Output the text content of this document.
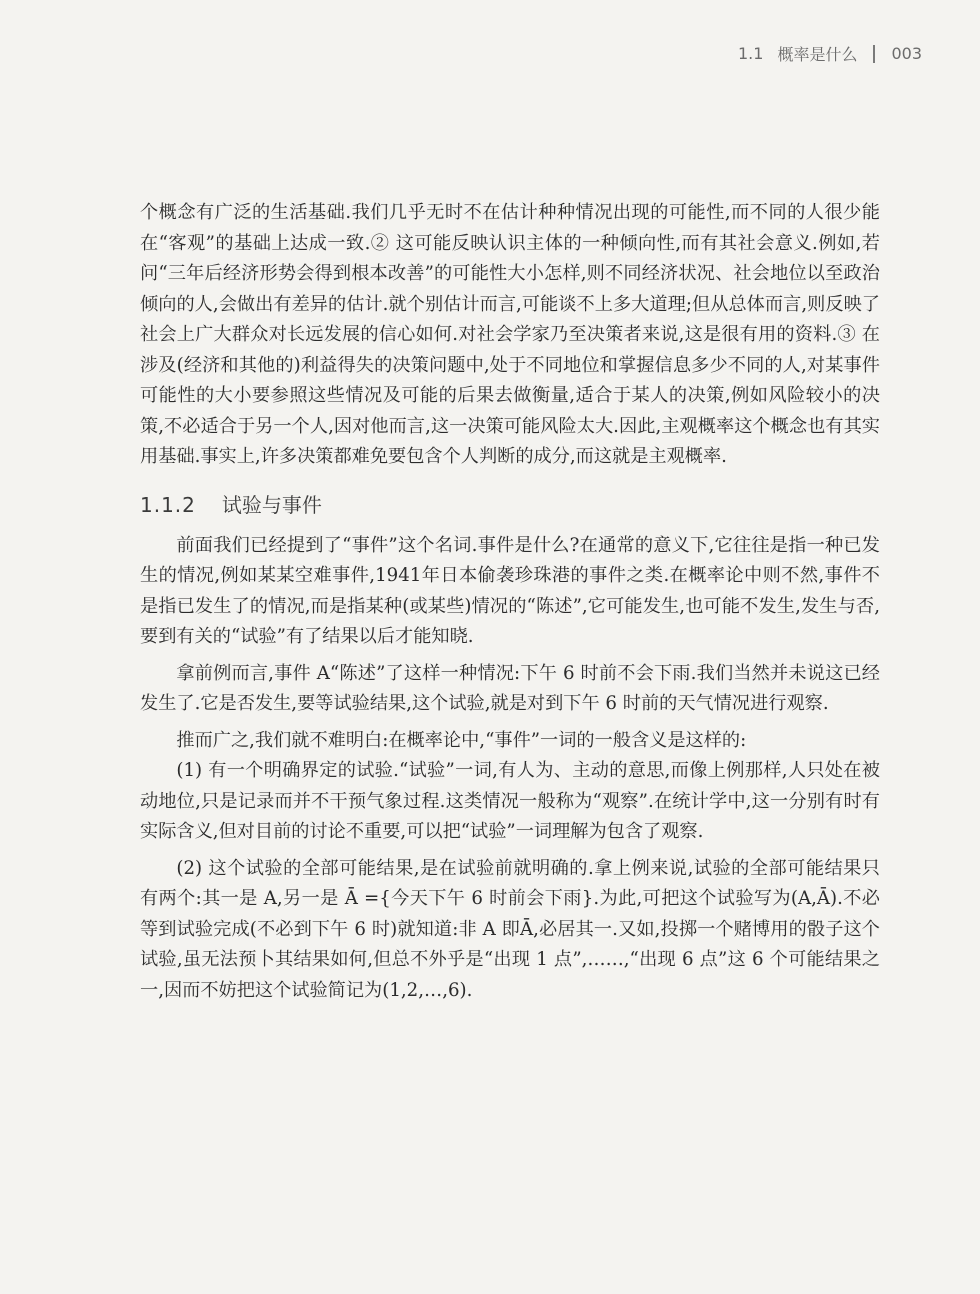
1.1 概率是什么 003

个概念有广泛的生活基础.我们几乎无时不在估计种种情况出现的可能性,而不同的人很少能在“客观”的基础上达成一致.② 这可能反映认识主体的一种倾向性,而有其社会意义.例如,若问“三年后经济形势会得到根本改善”的可能性大小怎样,则不同经济状况、社会地位以至政治倾向的人,会做出有差异的估计.就个别估计而言,可能谈不上多大道理;但从总体而言,则反映了社会上广大群众对长远发展的信心如何.对社会学家乃至决策者来说,这是很有用的资料.③ 在涉及(经济和其他的)利益得失的决策问题中,处于不同地位和掌握信息多少不同的人,对某事件可能性的大小要参照这些情况及可能的后果去做衡量,适合于某人的决策,例如风险较小的决策,不必适合于另一个人,因对他而言,这一决策可能风险太大.因此,主观概率这个概念也有其实用基础.事实上,许多决策都难免要包含个人判断的成分,而这就是主观概率.

1.1.2 试验与事件

前面我们已经提到了“事件”这个名词.事件是什么?在通常的意义下,它往往是指一种已发生的情况,例如某某空难事件,1941年日本偷袭珍珠港的事件之类.在概率论中则不然,事件不是指已发生了的情况,而是指某种(或某些)情况的“陈述”,它可能发生,也可能不发生,发生与否,要到有关的“试验”有了结果以后才能知晓.

拿前例而言,事件 A“陈述”了这样一种情况:下午 6 时前不会下雨.我们当然并未说这已经发生了.它是否发生,要等试验结果,这个试验,就是对到下午 6 时前的天气情况进行观察.

推而广之,我们就不难明白:在概率论中,“事件”一词的一般含义是这样的:

(1) 有一个明确界定的试验.“试验”一词,有人为、主动的意思,而像上例那样,人只处在被动地位,只是记录而并不干预气象过程.这类情况一般称为“观察”.在统计学中,这一分别有时有实际含义,但对目前的讨论不重要,可以把“试验”一词理解为包含了观察.

(2) 这个试验的全部可能结果,是在试验前就明确的.拿上例来说,试验的全部可能结果只有两个:其一是 A,另一是 Ā ={今天下午 6 时前会下雨}.为此,可把这个试验写为(A,Ā).不必等到试验完成(不必到下午 6 时)就知道:非 A 即Ā,必居其一.又如,投掷一个赌博用的骰子这个试验,虽无法预卜其结果如何,但总不外乎是“出现 1 点”,……,“出现 6 点”这 6 个可能结果之一,因而不妨把这个试验简记为(1,2,…,6).
